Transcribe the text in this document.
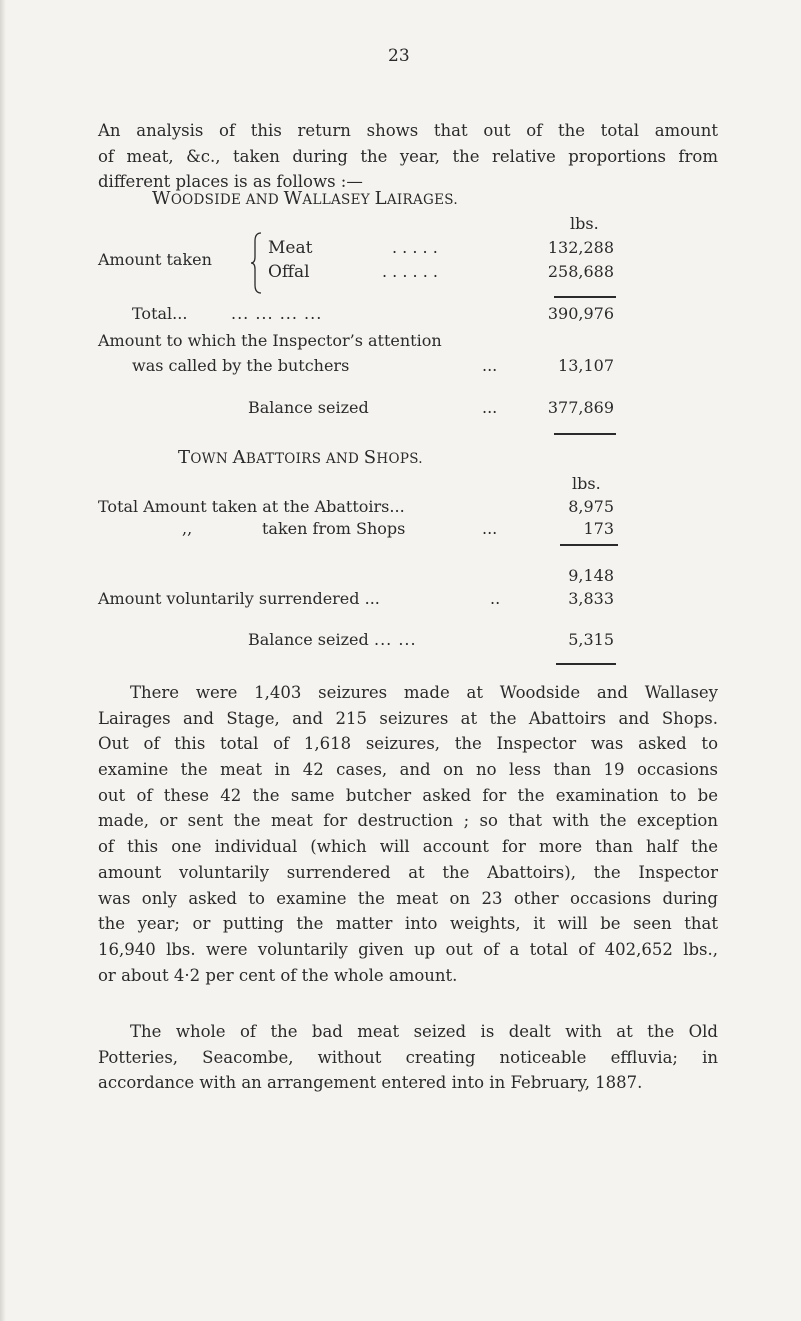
23
An analysis of this return shows that out of the total amount
of meat, &c., taken during the year, the relative proportions from
different places is as follows :—
WOODSIDE AND WALLASEY LAIRAGES.
lbs.
Amount taken
Meat	. . . . .	132,288
Offal	. . . . . .	258,688
Total...	... ... ... ...	390,976
Amount to which the Inspector’s attention
was called by the butchers	...	13,107
Balance seized	...	377,869
TOWN ABATTOIRS AND SHOPS.
lbs.
Total Amount taken at the Abattoirs...	8,975
,,	taken from Shops	...	173
9,148
Amount voluntarily surrendered ...	..	3,833
Balance seized ... ...	5,315
There were 1,403 seizures made at Woodside and Wallasey
Lairages and Stage, and 215 seizures at the Abattoirs and Shops.
Out of this total of 1,618 seizures, the Inspector was asked to
examine the meat in 42 cases, and on no less than 19 occasions
out of these 42 the same butcher asked for the examination to be
made, or sent the meat for destruction ; so that with the exception
of this one individual (which will account for more than half the
amount voluntarily surrendered at the Abattoirs), the Inspector
was only asked to examine the meat on 23 other occasions during
the year; or putting the matter into weights, it will be seen that
16,940 lbs. were voluntarily given up out of a total of 402,652 lbs.,
or about 4·2 per cent of the whole amount.
The whole of the bad meat seized is dealt with at the Old
Potteries, Seacombe, without creating noticeable effluvia; in
accordance with an arrangement entered into in February, 1887.
